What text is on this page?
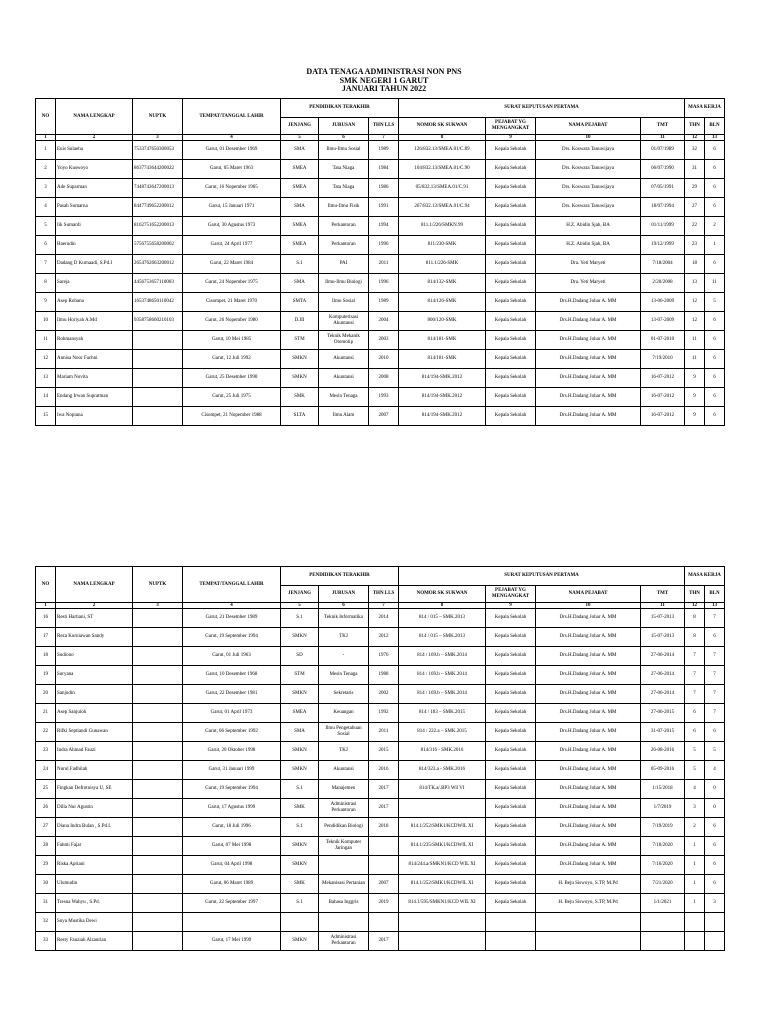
DATA TENAGA ADMINISTRASI NON PNS
SMK NEGERI 1 GARUT
JANUARI TAHUN 2022
NO	NAMA LENGKAP	NUPTK	TEMPAT/TANGGAL LAHIR	PENDIDIKAN TERAKHIR			SURAT KEPUTUSAN PERTAMA				MASA KERJA	
				JENJANG	JURUSAN	THN LLS	NOMOR SK SUKWAN	PEJABAT YG MENGANGKAT	NAMA PEJABAT	TMT	THN	BLN
1	2	3	4	5	6	7	8	9	10	11	12	13
1	Euis Sulaeha	7533747650300053	Garut, 01 Desember 1969	SMA	Ilmu-Ilmu Sosial	1989	126/832.13/SMEA.01/C.89	Kepala Sekolah	Drs. Koswara Tanuwijaya	01/07/1989	32	6
2	Yoyo Kuswoyo	8637743644200022	Garut, 05 Maret 1963	SMEA	Tata Niaga	1984	104/832.13/SMEA.01/C.90	Kepala Sekolah	Drs. Koswara Tanuwijaya	06/07/1990	31	6
3	Ade Suparman	7448743647200013	Garut, 16 Nopember 1965	SMEA	Tata Niaga	1986	05/832.13/SMEA.01/C.91	Kepala Sekolah	Drs. Koswara Tanuwijaya	07/05/1991	29	6
4	Pasah Sumarna	8447749652200012	Garut, 15 Januari 1971	SMA	Ilmu-Ilmu Fisik	1991	267/832.13/SMEA.01/C.94	Kepala Sekolah	Drs. Koswara Tanuwijaya	18/07/1994	27	6
5	Iik Sumardi	8162751652200013	Garut, 30 Agustus 1973	SMEA	Perkantoran	1994	811.1/226/SMKN.99	Kepala Sekolah	H.Z. Abidin Sjah, BA	01/11/1999	22	2
6	Haerudin	5756755658200002	Garut, 24 April 1977	SMEA	Perkantoran	1996	811/230-SMK	Kepala Sekolah	H.Z. Abidin Sjah, BA	19/12/1999	23	1
7	Dadang D Kurnaadi, S.Pd.I	2654762663200012	Garut, 22 Maret 1984	S.1	PAI	2011	811.1/226-SMK	Kepala Sekolah	Dra. Yeti Maryeti	7/18/2004	18	6
8	Sareja	4456753657110003	Garut, 24 Nopember 1975	SMA	Ilmu-Ilmu Biologi	1996	814/132-SMK	Kepala Sekolah	Dra. Yeti Maryeti	2/20/2008	13	11
9	Asep Rohana	1653748650110042	Cisompet, 21 Maret 1970	SMTA	Ilmu Sosial	1989	814/126-SMK	Kepala Sekolah	Drs.H.Dadang Johar A. MM	13-06-2009	12	5
10	Ilmu Horiyah A.Md	9358758660210103	Garut, 26 Nopember 1980	D.III	Komputerisasi Akuntansi	2004	800/120-SMK	Kepala Sekolah	Drs.H.Dadang Johar A. MM	13-07-2009	12	6
11	Rohmansyah		Garut, 10 Mei 1985	STM	Teknik Mekanik Otomotip	2003	814/181-SMK	Kepala Sekolah	Drs.H.Dadang Johar A. MM	01-07-2010	11	6
12	Annisa Noor Fachni		Garut, 12 Juli 1992	SMKN	Akuntansi	2010	814/181-SMK	Kepala Sekolah	Drs.H.Dadang Johar A. MM	7/19/2010	11	6
13	Mariam Novita		Garut, 25 Desember 1990	SMKN	Akuntansi	2008	814/194-SMK.2012	Kepala Sekolah	Drs.H.Dadang Johar A. MM	16-07-2012	9	6
14	Endang Irwan Supratman		Garut, 25 Juli 1975	SMK	Mesin Tenaga	1993	814/194-SMK.2012	Kepala Sekolah	Drs.H.Dadang Johar A. MM	16-07-2012	9	6
15	Iwa Nopiana		Cisompet, 21 Nopember 1988	SLTA	Ilmu Alam	2007	814/194-SMK.2012	Kepala Sekolah	Drs.H.Dadang Johar A. MM	16-07-2012	9	6
NO	NAMA LENGKAP	NUPTK	TEMPAT/TANGGAL LAHIR	PENDIDIKAN TERAKHIR			SURAT KEPUTUSAN PERTAMA				MASA KERJA	
				JENJANG	JURUSAN	THN LLS	NOMOR SK SUKWAN	PEJABAT YG MENGANGKAT	NAMA PEJABAT	TMT	THN	BLN
1	2	3	4	5	6	7	8	9	10	11	12	13
16	Resti Hartiani, ST		Garut, 21 Desember 1989	S.1	Teknik Informatika	2014	814 / 015 – SMK.2013	Kepala Sekolah	Drs.H.Dadang Johar A. MM	15-07-2013	8	7
17	Reza Kurniawan Sandy		Garut, 19 September 1994	SMKN	TKJ	2012	814 / 015 – SMK.2013	Kepala Sekolah	Drs.H.Dadang Johar A. MM	15-07-2013	8	6
18	Sudiono		Garut, 01 Juli 1963	SD	-	1976	814 / 169.b – SMK.2014	Kepala Sekolah	Drs.H.Dadang Johar A. MM	27-06-2014	7	7
19	Suryana		Garut, 10 Desember 1968	STM	Mesin Tenaga	1988	814 / 169.b – SMK.2014	Kepala Sekolah	Drs.H.Dadang Johar A. MM	27-06-2014	7	7
20	Sanjudin		Garut, 22 Desember 1981	SMKN	Sekretaris	2002	814 / 169.b – SMK.2014	Kepala Sekolah	Drs.H.Dadang Johar A. MM	27-06-2014	7	7
21	Asep Sanjuloh		Garut, 01 April 1973	SMEA	Keuangan	1992	814 / 183 – SMK.2015	Kepala Sekolah	Drs.H.Dadang Johar A. MM	27-06-2015	6	7
22	Rifki Septiandi Gunawan		Garut, 06 September 1992	SMA	Ilmu Pengetahuan Sosial	2011	814 / 222.a – SMK.2015	Kepala Sekolah	Drs.H.Dadang Johar A. MM	31-07-2015	6	6
23	Indra Ahmad Fauzi		Garut, 20 Oktober 1998	SMKN	TKJ	2015	814/316 - SMK.2016	Kepala Sekolah	Drs.H.Dadang Johar A. MM	26-08-2016	5	5
24	Nurul Fadhilah		Garut, 31 Januari 1999	SMKN	Akuntansi	2016	814/323.a - SMK.2016	Kepala Sekolah	Drs.H.Dadang Johar A. MM	05-09-2016	5	4
25	Fingkan Defrotnisya U, SE		Garut, 19 September 1994	S.1	Manajemen	2017	814/TK.a/.BP3 Wil VI	Kepala Sekolah	Drs.H.Dadang Johar A. MM	1/15/2018	4	0
26	Dilla Nur Agustin		Garut, 17 Agustus 1999	SMK	Administrasi Perkantoran	2017		Kepala Sekolah	Drs.H.Dadang Johar A. MM	1/7/2019	3	0
27	Diana Indra Bulan , S.Pd.I.		Garut, 18 Juli 1996	S.1	Pendidikan Biologi	2018	814.1/252/SMK1/KCDWIL XI	Kepala Sekolah	Drs.H.Dadang Johar A. MM	7/19/2019	2	6
28	Fahmi Fajar		Garut, 07 Mei 1998	SMKN	Teknik Komputer Jaringan		814.1/235/SMK1/KCDWIL XI	Kepala Sekolah	Drs.H.Dadang Johar A. MM	7/10/2020	1	6
29	Riska Apriani		Garut, 04 April 1998	SMKN			814/244.a/SMKN1/KCD WIL XI	Kepala Sekolah	Drs.H.Dadang Johar A. MM	7/16/2020	1	6
30	Ulumudin		Garut, 06 Maret 1989	SMK	Mekanisasi Pertanian	2007	814.1/252/SMK1/KCDWIL XI	Kepala Sekolah	H. Beju Siswoyo, S.TP, M.Pd	7/21/2020	1	6
31	Tresna Wahyu , S.Pd.		Garut, 22 September 1997	S.1	Bahasa Inggris	2019	814.1/595/SMKN1/KCD WIL XI	Kepala Sekolah	H. Beju Siswoyo, S.TP, M.Pd	1/1/2021	1	3
32	Suya Mustika Dewi											
33	Resty Fauziah Alzaurian		Garut, 17 Mei 1999	SMKN	Administrasi Perkantoran	2017						
